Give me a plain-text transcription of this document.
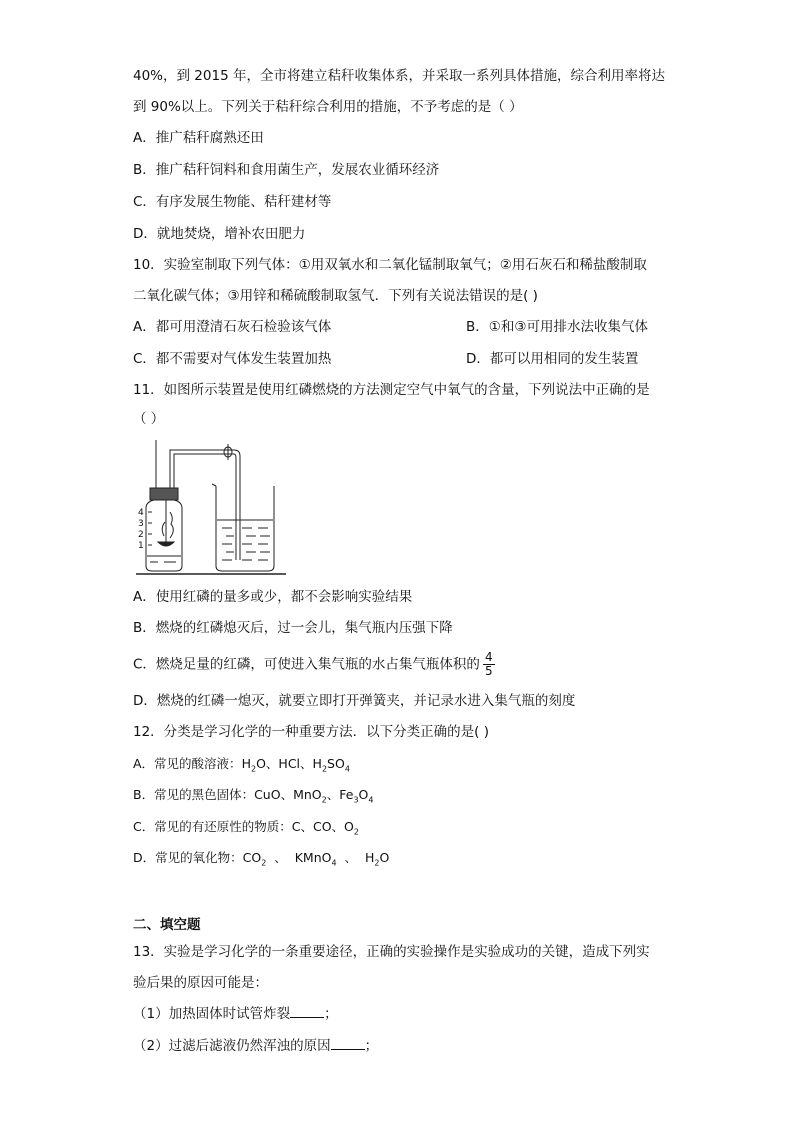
40%，到 2015 年，全市将建立秸秆收集体系，并采取一系列具体措施，综合利用率将达
到 90%以上。下列关于秸秆综合利用的措施，不予考虑的是（ ）
A．推广秸秆腐熟还田
B．推广秸秆饲料和食用菌生产，发展农业循环经济
C．有序发展生物能、秸秆建材等
D．就地焚烧，增补农田肥力
10．实验室制取下列气体：①用双氧水和二氧化锰制取氧气；②用石灰石和稀盐酸制取
二氧化碳气体；③用锌和稀硫酸制取氢气．下列有关说法错误的是( )
A．都可用澄清石灰石检验该气体	B．①和③可用排水法收集气体
C．都不需要对气体发生装置加热	D．都可以用相同的发生装置
11．如图所示装置是使用红磷燃烧的方法测定空气中氧气的含量，下列说法中正确的是
（ ）
4
3
2
1
A．使用红磷的量多或少，都不会影响实验结果
B．燃烧的红磷熄灭后，过一会儿，集气瓶内压强下降
C．燃烧足量的红磷，可使进入集气瓶的水占集气瓶体积的 $\frac{4}{5}$
D．燃烧的红磷一熄灭，就要立即打开弹簧夹，并记录水进入集气瓶的刻度
12．分类是学习化学的一种重要方法．以下分类正确的是( )
A．常见的酸溶液：$H_2O$、HCl、$H_2SO_4$
B．常见的黑色固体：CuO、MnO$_2$、$Fe_3O_4$
C．常见的有还原性的物质：C、CO、$O_2$
D．常见的氧化物：$CO_2$  、  KMnO$_4$  、  $H_2O$
二、填空题
13．实验是学习化学的一条重要途径，正确的实验操作是实验成功的关键，造成下列实
验后果的原因可能是：
（1）加热固体时试管炸裂	；
（2）过滤后滤液仍然浑浊的原因	；
